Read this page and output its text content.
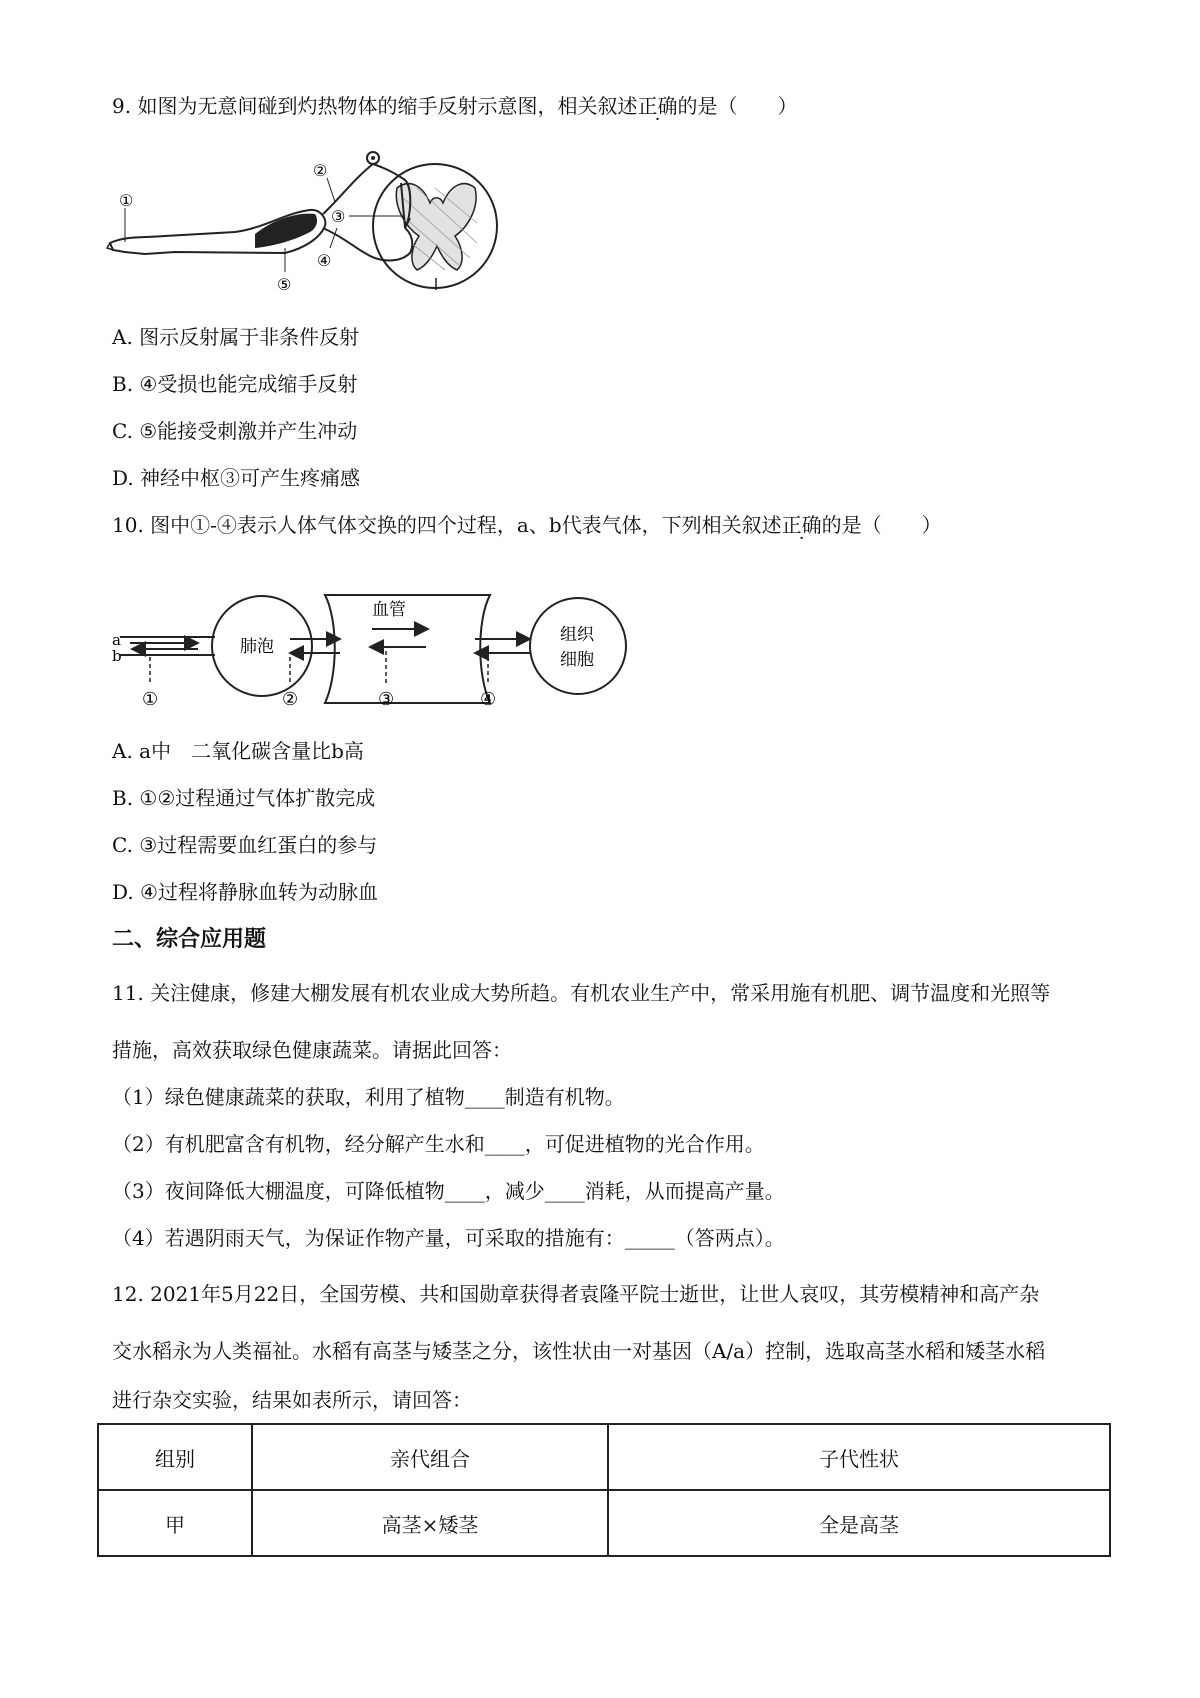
9. 如图为无意间碰到灼热物体的缩手反射示意图，相关叙述正确的是（　　）
①
②
③
④
⑤
A. 图示反射属于非条件反射
B. ④受损也能完成缩手反射
C. ⑤能接受刺激并产生冲动
D. 神经中枢③可产生疼痛感
10. 图中①-④表示人体气体交换的四个过程，a、b代表气体，下列相关叙述正确的是（　　）
a
b	肺泡
血管
组织
细胞
①	②	③	④
A. a中　二氧化碳含量比b高
B. ①②过程通过气体扩散完成
C. ③过程需要血红蛋白的参与
D. ④过程将静脉血转为动脉血
二、综合应用题
11. 关注健康，修建大棚发展有机农业成大势所趋。有机农业生产中，常采用施有机肥、调节温度和光照等
措施，高效获取绿色健康蔬菜。请据此回答：
（1）绿色健康蔬菜的获取，利用了植物____制造有机物。
（2）有机肥富含有机物，经分解产生水和____，可促进植物的光合作用。
（3）夜间降低大棚温度，可降低植物____，减少____消耗，从而提高产量。
（4）若遇阴雨天气，为保证作物产量，可采取的措施有：_____（答两点）。
12. 2021年5月22日，全国劳模、共和国勋章获得者袁隆平院士逝世，让世人哀叹，其劳模精神和高产杂
交水稻永为人类福祉。水稻有高茎与矮茎之分，该性状由一对基因（A/a）控制，选取高茎水稻和矮茎水稻
进行杂交实验，结果如表所示，请回答：
组别	亲代组合	子代性状
甲	高茎×矮茎	全是高茎
